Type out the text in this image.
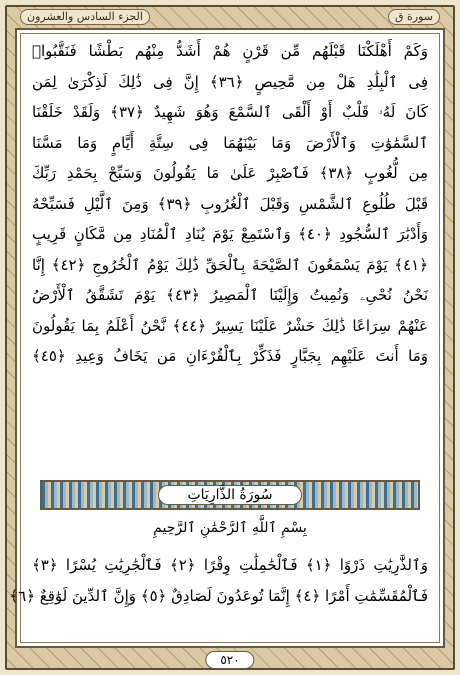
الجزء السادس والعشرون	سورة ق
وَكَمْ أَهْلَكْنَا قَبْلَهُم مِّن قَرْنٍ هُمْ أَشَدُّ مِنْهُم بَطْشًا فَنَقَّبُوا۟
فِى ٱلْبِلَٰدِ هَلْ مِن مَّحِيصٍ ﴿٣٦﴾ إِنَّ فِى ذَٰلِكَ لَذِكْرَىٰ لِمَن
كَانَ لَهُۥ قَلْبٌ أَوْ أَلْقَى ٱلسَّمْعَ وَهُوَ شَهِيدٌ ﴿٣٧﴾ وَلَقَدْ خَلَقْنَا
ٱلسَّمَٰوَٰتِ وَٱلْأَرْضَ وَمَا بَيْنَهُمَا فِى سِتَّةِ أَيَّامٍ وَمَا مَسَّنَا
مِن لُّغُوبٍ ﴿٣٨﴾ فَٱصْبِرْ عَلَىٰ مَا يَقُولُونَ وَسَبِّحْ بِحَمْدِ رَبِّكَ
قَبْلَ طُلُوعِ ٱلشَّمْسِ وَقَبْلَ ٱلْغُرُوبِ ﴿٣٩﴾ وَمِنَ ٱلَّيْلِ فَسَبِّحْهُ
وَأَدْبَٰرَ ٱلسُّجُودِ ﴿٤٠﴾ وَٱسْتَمِعْ يَوْمَ يُنَادِ ٱلْمُنَادِ مِن مَّكَانٍ قَرِيبٍ
﴿٤١﴾ يَوْمَ يَسْمَعُونَ ٱلصَّيْحَةَ بِٱلْحَقِّ ذَٰلِكَ يَوْمُ ٱلْخُرُوجِ ﴿٤٢﴾ إِنَّا
نَحْنُ نُحْىِۦ وَنُمِيتُ وَإِلَيْنَا ٱلْمَصِيرُ ﴿٤٣﴾ يَوْمَ تَشَقَّقُ ٱلْأَرْضُ
عَنْهُمْ سِرَاعًا ذَٰلِكَ حَشْرٌ عَلَيْنَا يَسِيرٌ ﴿٤٤﴾ نَّحْنُ أَعْلَمُ بِمَا يَقُولُونَ
وَمَا أَنتَ عَلَيْهِم بِجَبَّارٍ فَذَكِّرْ بِٱلْقُرْءَانِ مَن يَخَافُ وَعِيدِ ﴿٤٥﴾
سُورَةُ الذَّارِيَاتِ
بِسْمِ ٱللَّهِ ٱلرَّحْمَٰنِ ٱلرَّحِيمِ
وَٱلذَّٰرِيَٰتِ ذَرْوًا ﴿١﴾ فَٱلْحَٰمِلَٰتِ وِقْرًا ﴿٢﴾ فَٱلْجَٰرِيَٰتِ يُسْرًا ﴿٣﴾
فَٱلْمُقَسِّمَٰتِ أَمْرًا ﴿٤﴾ إِنَّمَا تُوعَدُونَ لَصَادِقٌ ﴿٥﴾ وَإِنَّ ٱلدِّينَ لَوَٰقِعٌ ﴿٦﴾
٥٢٠
